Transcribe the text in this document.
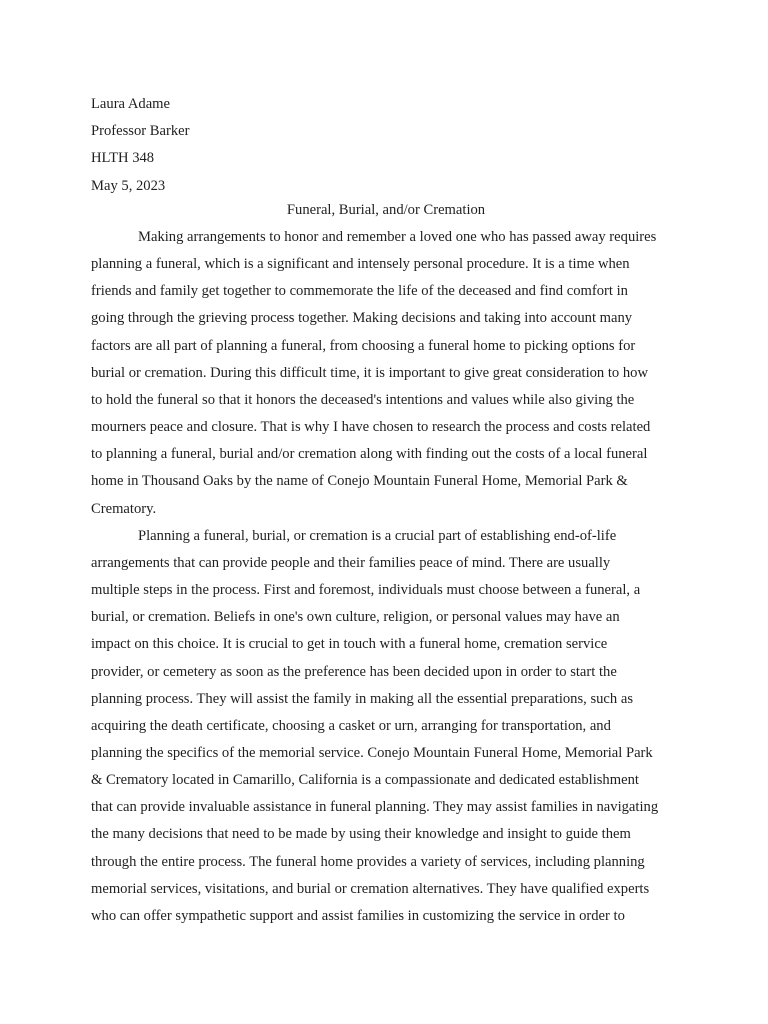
Laura Adame
Professor Barker
HLTH 348
May 5, 2023
Funeral, Burial, and/or Cremation
Making arrangements to honor and remember a loved one who has passed away requires
planning a funeral, which is a significant and intensely personal procedure. It is a time when
friends and family get together to commemorate the life of the deceased and find comfort in
going through the grieving process together. Making decisions and taking into account many
factors are all part of planning a funeral, from choosing a funeral home to picking options for
burial or cremation. During this difficult time, it is important to give great consideration to how
to hold the funeral so that it honors the deceased's intentions and values while also giving the
mourners peace and closure. That is why I have chosen to research the process and costs related
to planning a funeral, burial and/or cremation along with finding out the costs of a local funeral
home in Thousand Oaks by the name of Conejo Mountain Funeral Home, Memorial Park &
Crematory.
Planning a funeral, burial, or cremation is a crucial part of establishing end-of-life
arrangements that can provide people and their families peace of mind. There are usually
multiple steps in the process. First and foremost, individuals must choose between a funeral, a
burial, or cremation. Beliefs in one's own culture, religion, or personal values may have an
impact on this choice. It is crucial to get in touch with a funeral home, cremation service
provider, or cemetery as soon as the preference has been decided upon in order to start the
planning process. They will assist the family in making all the essential preparations, such as
acquiring the death certificate, choosing a casket or urn, arranging for transportation, and
planning the specifics of the memorial service. Conejo Mountain Funeral Home, Memorial Park
& Crematory located in Camarillo, California is a compassionate and dedicated establishment
that can provide invaluable assistance in funeral planning. They may assist families in navigating
the many decisions that need to be made by using their knowledge and insight to guide them
through the entire process. The funeral home provides a variety of services, including planning
memorial services, visitations, and burial or cremation alternatives. They have qualified experts
who can offer sympathetic support and assist families in customizing the service in order to
